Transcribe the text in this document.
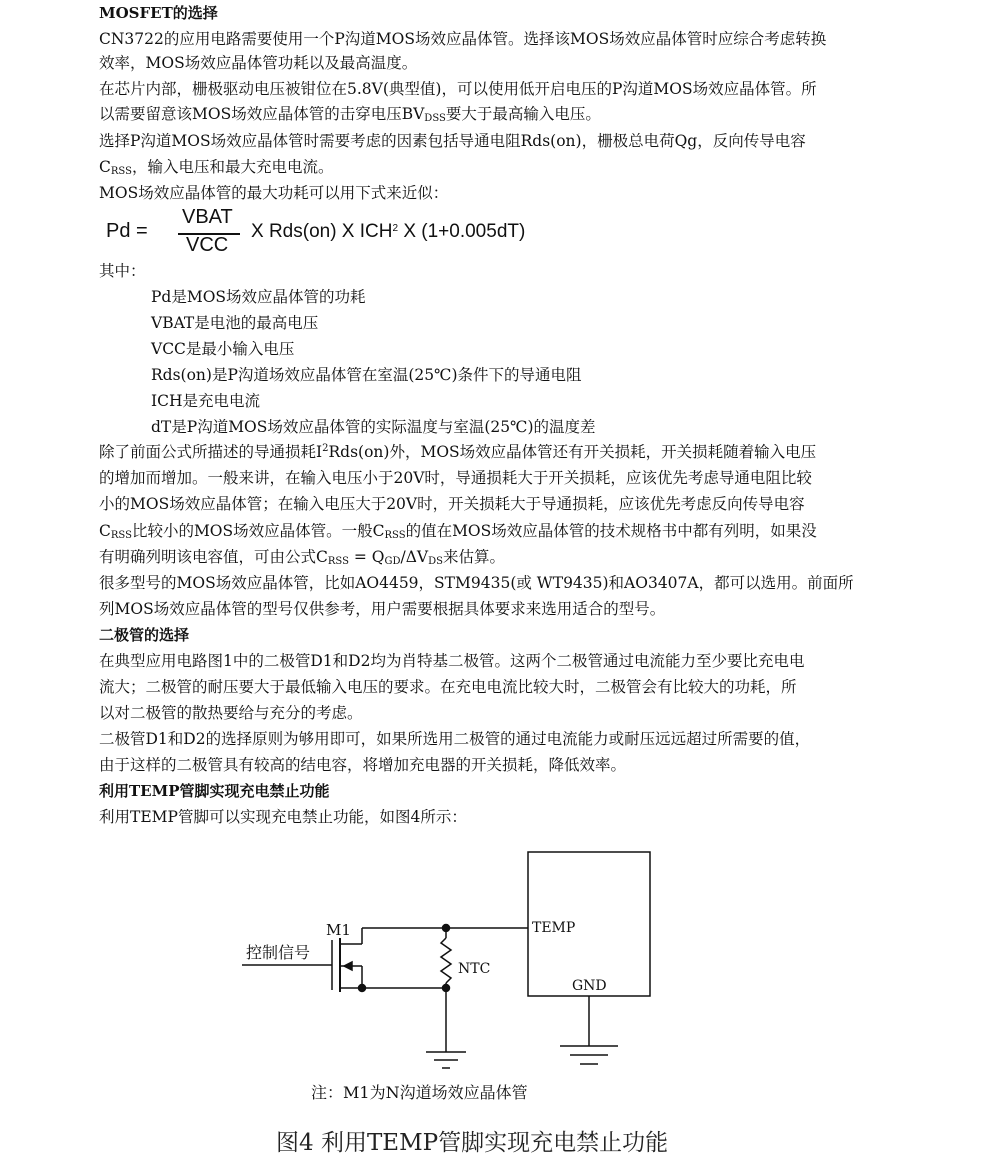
MOSFET的选择
CN3722的应用电路需要使用一个P沟道MOS场效应晶体管。选择该MOS场效应晶体管时应综合考虑转换
效率，MOS场效应晶体管功耗以及最高温度。
在芯片内部，栅极驱动电压被钳位在5.8V(典型值)，可以使用低开启电压的P沟道MOS场效应晶体管。所
以需要留意该MOS场效应晶体管的击穿电压$BV_{DSS}$要大于最高输入电压。
选择P沟道MOS场效应晶体管时需要考虑的因素包括导通电阻Rds(on)，栅极总电荷Qg，反向传导电容
$C_{RSS}$，输入电压和最大充电电流。
MOS场效应晶体管的最大功耗可以用下式来近似：
其中：
Pd是MOS场效应晶体管的功耗
VBAT是电池的最高电压
VCC是最小输入电压
Rds(on)是P沟道场效应晶体管在室温(25℃)条件下的导通电阻
ICH是充电电流
dT是P沟道MOS场效应晶体管的实际温度与室温(25℃)的温度差
除了前面公式所描述的导通损耗$I^2Rds(on)$外，MOS场效应晶体管还有开关损耗，开关损耗随着输入电压
的增加而增加。一般来讲，在输入电压小于20V时，导通损耗大于开关损耗，应该优先考虑导通电阻比较
小的MOS场效应晶体管；在输入电压大于20V时，开关损耗大于导通损耗，应该优先考虑反向传导电容
$C_{RSS}$比较小的MOS场效应晶体管。一般$C_{RSS}$的值在MOS场效应晶体管的技术规格书中都有列明，如果没
有明确列明该电容值，可由公式$C_{RSS} = Q_{GD}/\Delta V_{DS}$来估算。
很多型号的MOS场效应晶体管，比如AO4459，STM9435(或 WT9435)和AO3407A，都可以选用。前面所
列MOS场效应晶体管的型号仅供参考，用户需要根据具体要求来选用适合的型号。
二极管的选择
在典型应用电路图1中的二极管D1和D2均为肖特基二极管。这两个二极管通过电流能力至少要比充电电
流大；二极管的耐压要大于最低输入电压的要求。在充电电流比较大时，二极管会有比较大的功耗，所
以对二极管的散热要给与充分的考虑。
二极管D1和D2的选择原则为够用即可，如果所选用二极管的通过电流能力或耐压远远超过所需要的值，
由于这样的二极管具有较高的结电容，将增加充电器的开关损耗，降低效率。
利用TEMP管脚实现充电禁止功能
利用TEMP管脚可以实现充电禁止功能，如图4所示：
Pd =
VBAT
VCC
X Rds(on) X ICH$^2$ X (1+0.005dT)
TEMP
GND
NTC
M1
控制信号
注：M1为N沟道场效应晶体管
图4 利用TEMP管脚实现充电禁止功能
